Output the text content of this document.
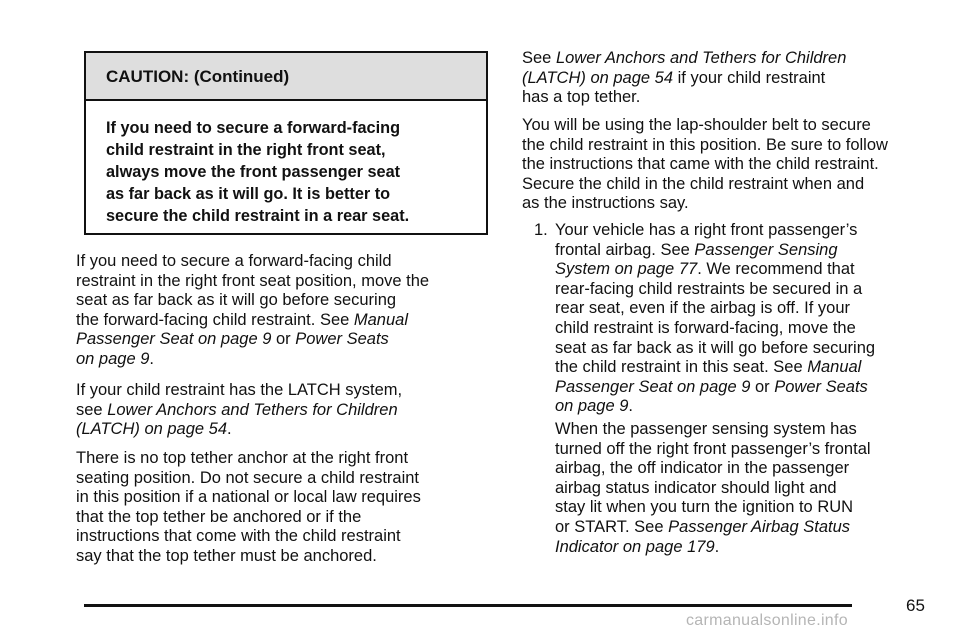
CAUTION: (Continued)
If you need to secure a forward-facing
child restraint in the right front seat,
always move the front passenger seat
as far back as it will go. It is better to
secure the child restraint in a rear seat.
If you need to secure a forward-facing child
restraint in the right front seat position, move the
seat as far back as it will go before securing
the forward-facing child restraint. See Manual
Passenger Seat on page 9 or Power Seats
on page 9.
If your child restraint has the LATCH system,
see Lower Anchors and Tethers for Children
(LATCH) on page 54.
There is no top tether anchor at the right front
seating position. Do not secure a child restraint
in this position if a national or local law requires
that the top tether be anchored or if the
instructions that come with the child restraint
say that the top tether must be anchored.
See Lower Anchors and Tethers for Children
(LATCH) on page 54 if your child restraint
has a top tether.
You will be using the lap-shoulder belt to secure
the child restraint in this position. Be sure to follow
the instructions that came with the child restraint.
Secure the child in the child restraint when and
as the instructions say.
1. Your vehicle has a right front passenger’s
frontal airbag. See Passenger Sensing
System on page 77. We recommend that
rear-facing child restraints be secured in a
rear seat, even if the airbag is off. If your
child restraint is forward-facing, move the
seat as far back as it will go before securing
the child restraint in this seat. See Manual
Passenger Seat on page 9 or Power Seats
on page 9.
When the passenger sensing system has
turned off the right front passenger’s frontal
airbag, the off indicator in the passenger
airbag status indicator should light and
stay lit when you turn the ignition to RUN
or START. See Passenger Airbag Status
Indicator on page 179.
65
carmanualsonline.info
